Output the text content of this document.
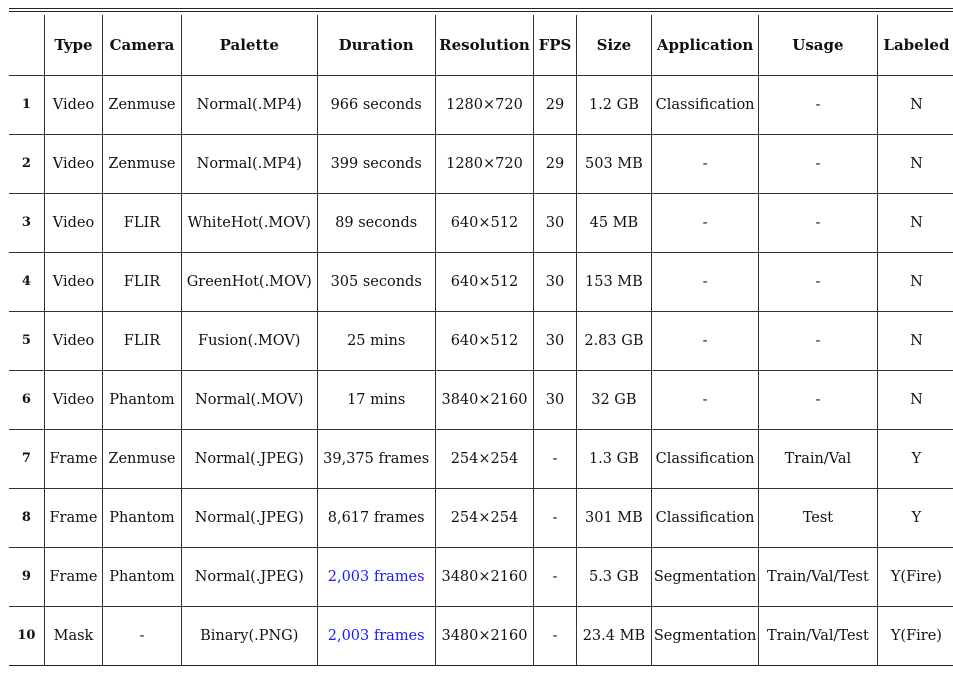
	Type	Camera	Palette	Duration	Resolution	FPS	Size	Application	Usage	Labeled
1	Video	Zenmuse	Normal(.MP4)	966 seconds	1280×720	29	1.2 GB	Classification	-	N
2	Video	Zenmuse	Normal(.MP4)	399 seconds	1280×720	29	503 MB	-	-	N
3	Video	FLIR	WhiteHot(.MOV)	89 seconds	640×512	30	45 MB	-	-	N
4	Video	FLIR	GreenHot(.MOV)	305 seconds	640×512	30	153 MB	-	-	N
5	Video	FLIR	Fusion(.MOV)	25 mins	640×512	30	2.83 GB	-	-	N
6	Video	Phantom	Normal(.MOV)	17 mins	3840×2160	30	32 GB	-	-	N
7	Frame	Zenmuse	Normal(.JPEG)	39,375 frames	254×254	-	1.3 GB	Classification	Train/Val	Y
8	Frame	Phantom	Normal(.JPEG)	8,617 frames	254×254	-	301 MB	Classification	Test	Y
9	Frame	Phantom	Normal(.JPEG)	2,003 frames	3480×2160	-	5.3 GB	Segmentation	Train/Val/Test	Y(Fire)
10	Mask	-	Binary(.PNG)	2,003 frames	3480×2160	-	23.4 MB	Segmentation	Train/Val/Test	Y(Fire)
